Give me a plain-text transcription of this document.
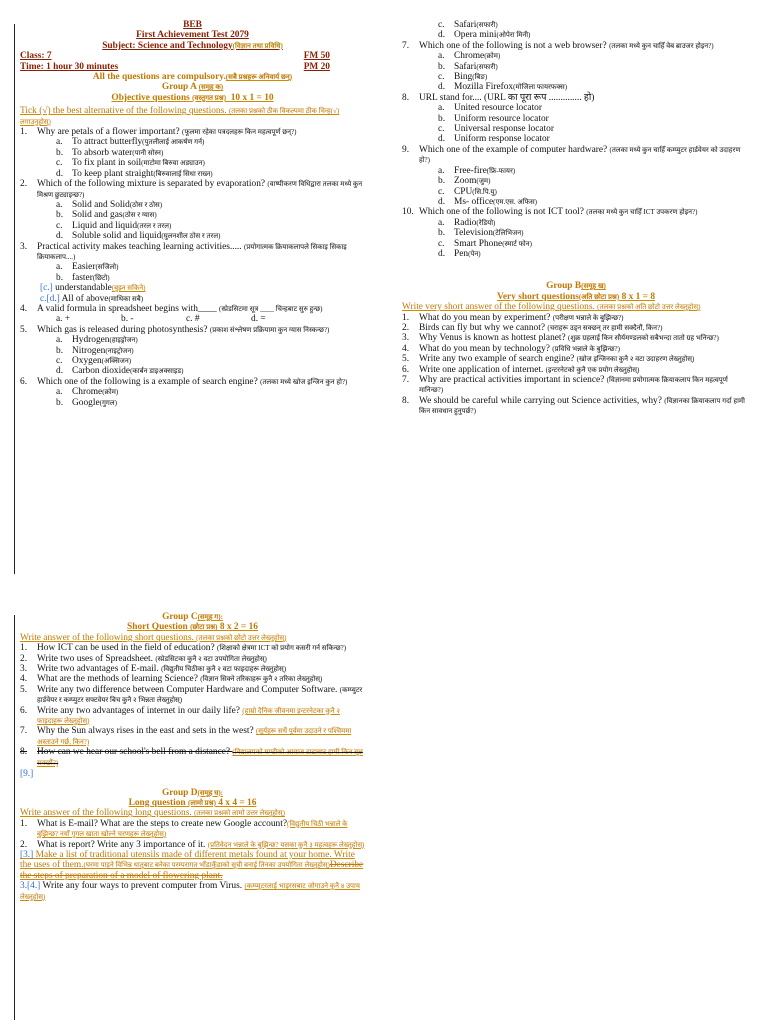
BEB
First Achievement Test 2079
Subject: Science and Technology(विज्ञान तथा प्रविधि)
Class: 7	FM 50
Time: 1 hour 30 minutes	PM 20
All the questions are compulsory.(सबै प्रश्नहरू अनिवार्य छन्)
Group A (समूह क)
Objective questions (वस्तुगत प्रश्न) 10 x 1 = 10
Tick (√) the best alternative of the following questions. (तलका प्रश्नको ठीक विकल्पमा ठीक चिन्ह(√) लगाउनुहोस्)
1.	Why are petals of a flower important? (फूलमा रहेका पत्रदलहरू किन महत्वपूर्ण छन्?)
a. To attract butterfly(पुतलीलाई आकर्षण गर्न)
b. To absorb water(पानी सोस्न)
c. To fix plant in soil(माटोमा बिरुवा अड्याउन)
d. To keep plant straight(बिरुवालाई सिधा राख्न)
2.	Which of the following mixture is separated by evaporation? (वाष्पीकरण विधिद्वारा तलका मध्ये कुन मिश्रण छुट्याइन्छ?)
a. Solid and Solid(ठोस र ठोस)
b. Solid and gas(ठोस र ग्यास)
c. Liquid and liquid(तरल र तरल)
d. Soluble solid and liquid(घुलनशील ठोस र तरल)
3.	Practical activity makes teaching learning activities..... (प्रयोगात्मक क्रियाकलापले सिकाइ सिकाइ क्रियाकलाप....)
a. Easier(सजिलो)
b. faster(छिटो)
[c.] understandable(बुझ्न सकिने)
c.[d.] All of above(माथिका सबै)
4.	A valid formula in spreadsheet begins with____ (स्प्रेडसिटमा सूत्र ____ चिन्हबाट सुरु हुन्छ)
a. +	b. -	c. #	d. =
5.	Which gas is released during photosynthesis? (प्रकाश संश्लेषण प्रक्रियामा कुन ग्यास निस्कन्छ?)
a. Hydrogen(हाइड्रोजन)
b. Nitrogen(नाइट्रोजन)
c. Oxygen(अक्सिजन)
d. Carbon dioxide(कार्बन डाइअक्साइड)
6.	Which one of the following is a example of search engine? (तलका मध्ये खोज इन्जिन कुन हो?)
a. Chrome(क्रोम)
b. Google(गुगल)
c. Safari(सफारी)
d. Opera mini(ओपेरा मिनी)
7.	Which one of the following is not a web browser? (तलका मध्ये कुन चाहिँ वेब ब्राउजर होइन?)
a. Chrome(क्रोम)
b. Safari(सफारी)
c. Bing(बिङ)
d. Mozilla Firefox(मोजिला फायरफक्स)
8.	URL stand for.... (URL का पूरा रूप .............. हो)
a. United resource locator
b. Uniform resource locator
c. Universal response locator
d. Uniform response locator
9.	Which one of the example of computer hardware? (तलका मध्ये कुन चाहिँ कम्प्युटर हार्डवेयर को उदाहरण हो?)
a. Free-fire(फ्रि-फायर)
b. Zoom(जुम)
c. CPU(सि.पि.यु)
d. Ms- office(एम.एस. अफिस)
10. Which one of the following is not ICT tool? (तलका मध्ये कुन चाहिँ ICT उपकरण होइन?)
a. Radio(रेडियो)
b. Television(टेलिभिजन)
c. Smart Phone(स्मार्ट फोन)
d. Pen(पेन)
Group B(समूह ख)
Very short questions(अति छोटा प्रश्न) 8 x 1 = 8
Write very short answer of the following questions. (तलका प्रश्नको अति छोटो उत्तर लेख्नुहोस्)
1.	What do you mean by experiment? (परीक्षण भन्नाले के बुझिन्छ?)
2.	Birds can fly but why we cannot? (चराहरू उड्न सक्छन् तर हामी सक्दैनौं, किन?)
3.	Why Venus is known as hottest planet? (शुक्र ग्रहलाई किन सौर्यमण्डलको सबैभन्दा तातो ग्रह भनिन्छ?)
4.	What do you mean by technology? (प्रविधि भन्नाले के बुझिन्छ?)
5.	Write any two example of search engine? (खोज इन्जिनका कुनै २ वटा उदाहरण लेख्नुहोस्)
6.	Write one application of internet. (इन्टरनेटको कुनै एक प्रयोग लेख्नुहोस्)
7.	Why are practical activities important in science? (विज्ञानमा प्रयोगात्मक क्रियाकलाप किन महत्वपूर्ण मानिन्छ?)
8.	We should be careful while carrying out Science activities, why? (विज्ञानका क्रियाकलाप गर्दा हामी किन सावधान हुनुपर्छ?)
Group C(समूह ग):
Short Question (छोटा प्रश्न) 8 x 2 = 16
Write answer of the following short questions. (तलका प्रश्नको छोटो उत्तर लेख्नुहोस्)
1.	How ICT can be used in the field of education? (शिक्षाको क्षेत्रमा ICT को प्रयोग कसरी गर्न सकिन्छ?)
2.	Write two uses of Spreadsheet. (स्प्रेडसिटका कुनै २ वटा उपयोगिता लेख्नुहोस्)
3.	Write two advantages of E-mail. (विद्युतीय चिठीका कुनै २ वटा फाइदाहरू लेख्नुहोस्)
4.	What are the methods of learning Science? (विज्ञान सिक्ने तरिकाहरू कुनै २ तरिका लेख्नुहोस्)
5.	Write any two difference between Computer Hardware and Computer Software. (कम्प्युटर हार्डवेयर र कम्प्युटर सफ्टवेयर बिच कुनै २ भिन्नता लेख्नुहोस्)
6.	Write any two advantages of internet in our daily life? (हाम्रो दैनिक जीवनमा इन्टरनेटका कुनै २ फाइदाहरू लेख्नुहोस्)
7.	Why the Sun always rises in the east and sets in the west? (सूर्यहरू सधैं पूर्वमा उदाउने र पश्चिममा अस्ताउने गर्छ, किन?)
8.	How can we hear our school's bell from a distance? (विद्यालयको घण्टीको आवाज टाढाबाट हामी किन सुन्न सक्छौं?)
[9.]
Group D(समूह घ):
Long question (लामो प्रश्न) 4 x 4 = 16
Write answer of the following long questions. (तलका प्रश्नको लामो उत्तर लेख्नुहोस्)
1.	What is E-mail? What are the steps to create new Google account?(विद्युतीय चिठी भन्नाले के बुझिन्छ? नयाँ गुगल खाता खोल्ने चरणहरू लेख्नुहोस्)
2.	What is report? Write any 3 importance of it. (प्रतिवेदन भन्नाले के बुझिन्छ? यसका कुनै ३ महत्वहरू लेख्नुहोस्)
[3.] Make a list of traditional utensils made of different metals found at your home. Write the uses of them.(घरमा पाइने विभिन्न धातुबाट बनेका परम्परागत भाँडाकुँडाको सूची बनाई तिनका उपयोगिता लेख्नुहोस्)Describe the steps of preparation of a model of flowering plant.
3.[4.] Write any four ways to prevent computer from Virus. (कम्प्युटरलाई भाइरसबाट जोगाउने कुनै ४ उपाय लेख्नुहोस्)
